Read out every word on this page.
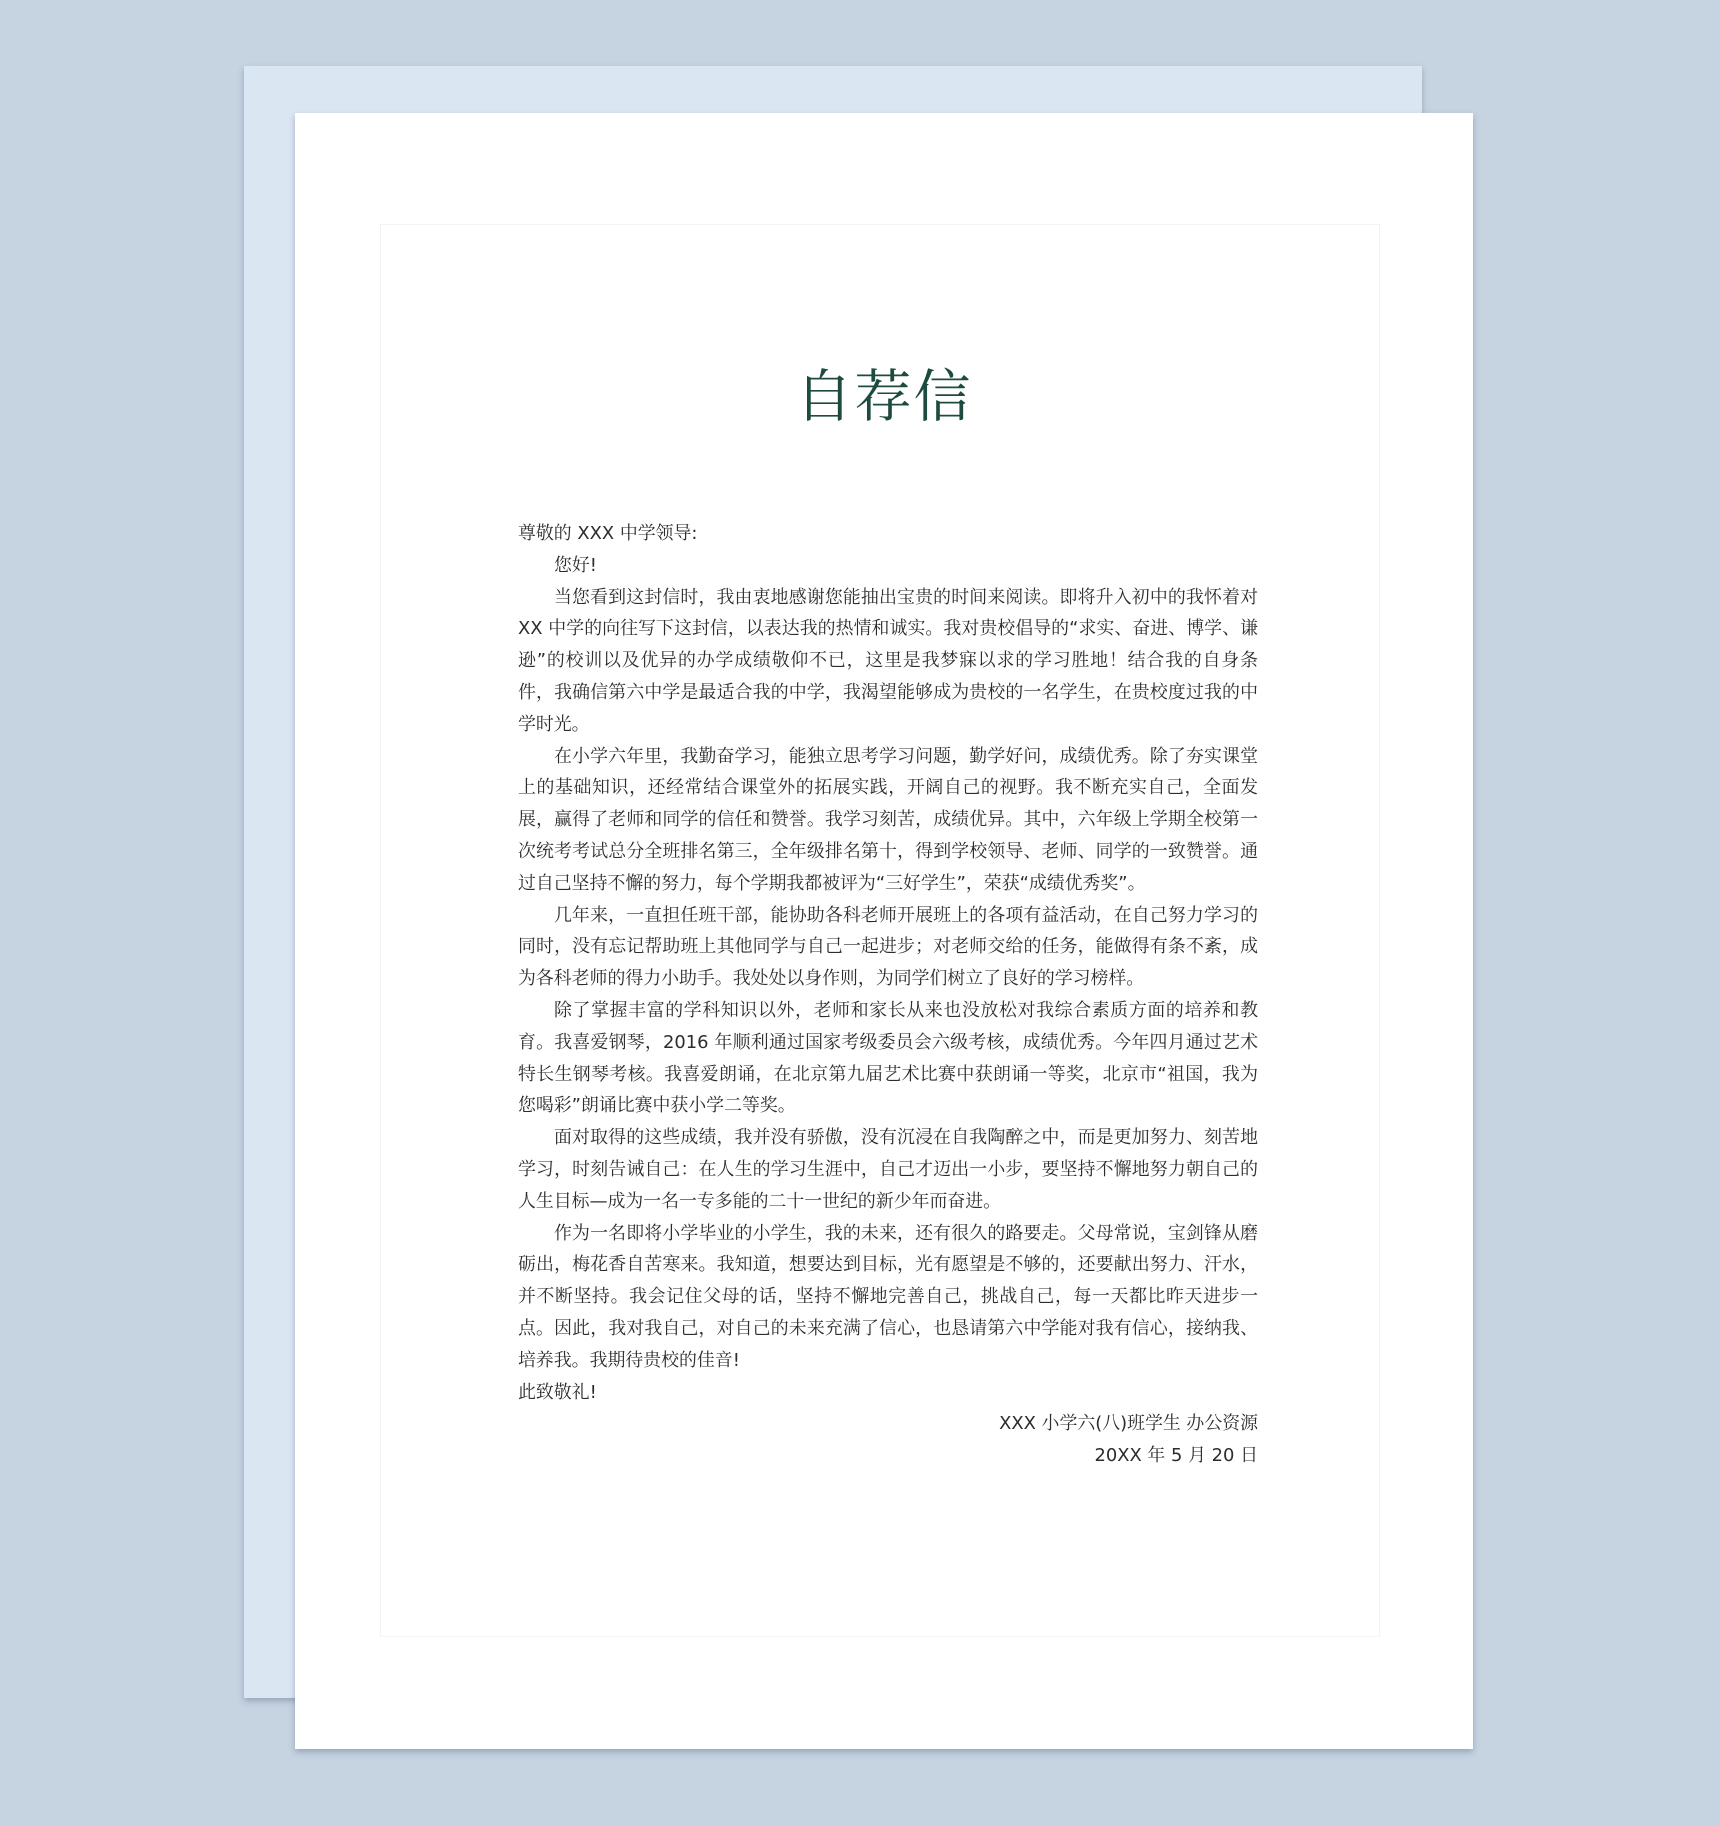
自荐信

尊敬的 XXX 中学领导:

您好!

当您看到这封信时，我由衷地感谢您能抽出宝贵的时间来阅读。即将升入初中的我怀着对 XX 中学的向往写下这封信，以表达我的热情和诚实。我对贵校倡导的“求实、奋进、博学、谦逊”的校训以及优异的办学成绩敬仰不已，这里是我梦寐以求的学习胜地！结合我的自身条件，我确信第六中学是最适合我的中学，我渴望能够成为贵校的一名学生，在贵校度过我的中学时光。

在小学六年里，我勤奋学习，能独立思考学习问题，勤学好问，成绩优秀。除了夯实课堂上的基础知识，还经常结合课堂外的拓展实践，开阔自己的视野。我不断充实自己，全面发展，赢得了老师和同学的信任和赞誉。我学习刻苦，成绩优异。其中，六年级上学期全校第一次统考考试总分全班排名第三，全年级排名第十，得到学校领导、老师、同学的一致赞誉。通过自己坚持不懈的努力，每个学期我都被评为“三好学生”，荣获“成绩优秀奖”。

几年来，一直担任班干部，能协助各科老师开展班上的各项有益活动，在自己努力学习的同时，没有忘记帮助班上其他同学与自己一起进步；对老师交给的任务，能做得有条不紊，成为各科老师的得力小助手。我处处以身作则，为同学们树立了良好的学习榜样。

除了掌握丰富的学科知识以外，老师和家长从来也没放松对我综合素质方面的培养和教育。我喜爱钢琴，2016 年顺利通过国家考级委员会六级考核，成绩优秀。今年四月通过艺术特长生钢琴考核。我喜爱朗诵，在北京第九届艺术比赛中获朗诵一等奖，北京市“祖国，我为您喝彩”朗诵比赛中获小学二等奖。

面对取得的这些成绩，我并没有骄傲，没有沉浸在自我陶醉之中，而是更加努力、刻苦地学习，时刻告诫自己：在人生的学习生涯中，自己才迈出一小步，要坚持不懈地努力朝自己的人生目标—成为一名一专多能的二十一世纪的新少年而奋进。

作为一名即将小学毕业的小学生，我的未来，还有很久的路要走。父母常说，宝剑锋从磨砺出，梅花香自苦寒来。我知道，想要达到目标，光有愿望是不够的，还要献出努力、汗水，并不断坚持。我会记住父母的话，坚持不懈地完善自己，挑战自己，每一天都比昨天进步一点。因此，我对我自己，对自己的未来充满了信心，也恳请第六中学能对我有信心，接纳我、培养我。我期待贵校的佳音!

此致敬礼!

XXX 小学六(八)班学生 办公资源

20XX 年 5 月 20 日
